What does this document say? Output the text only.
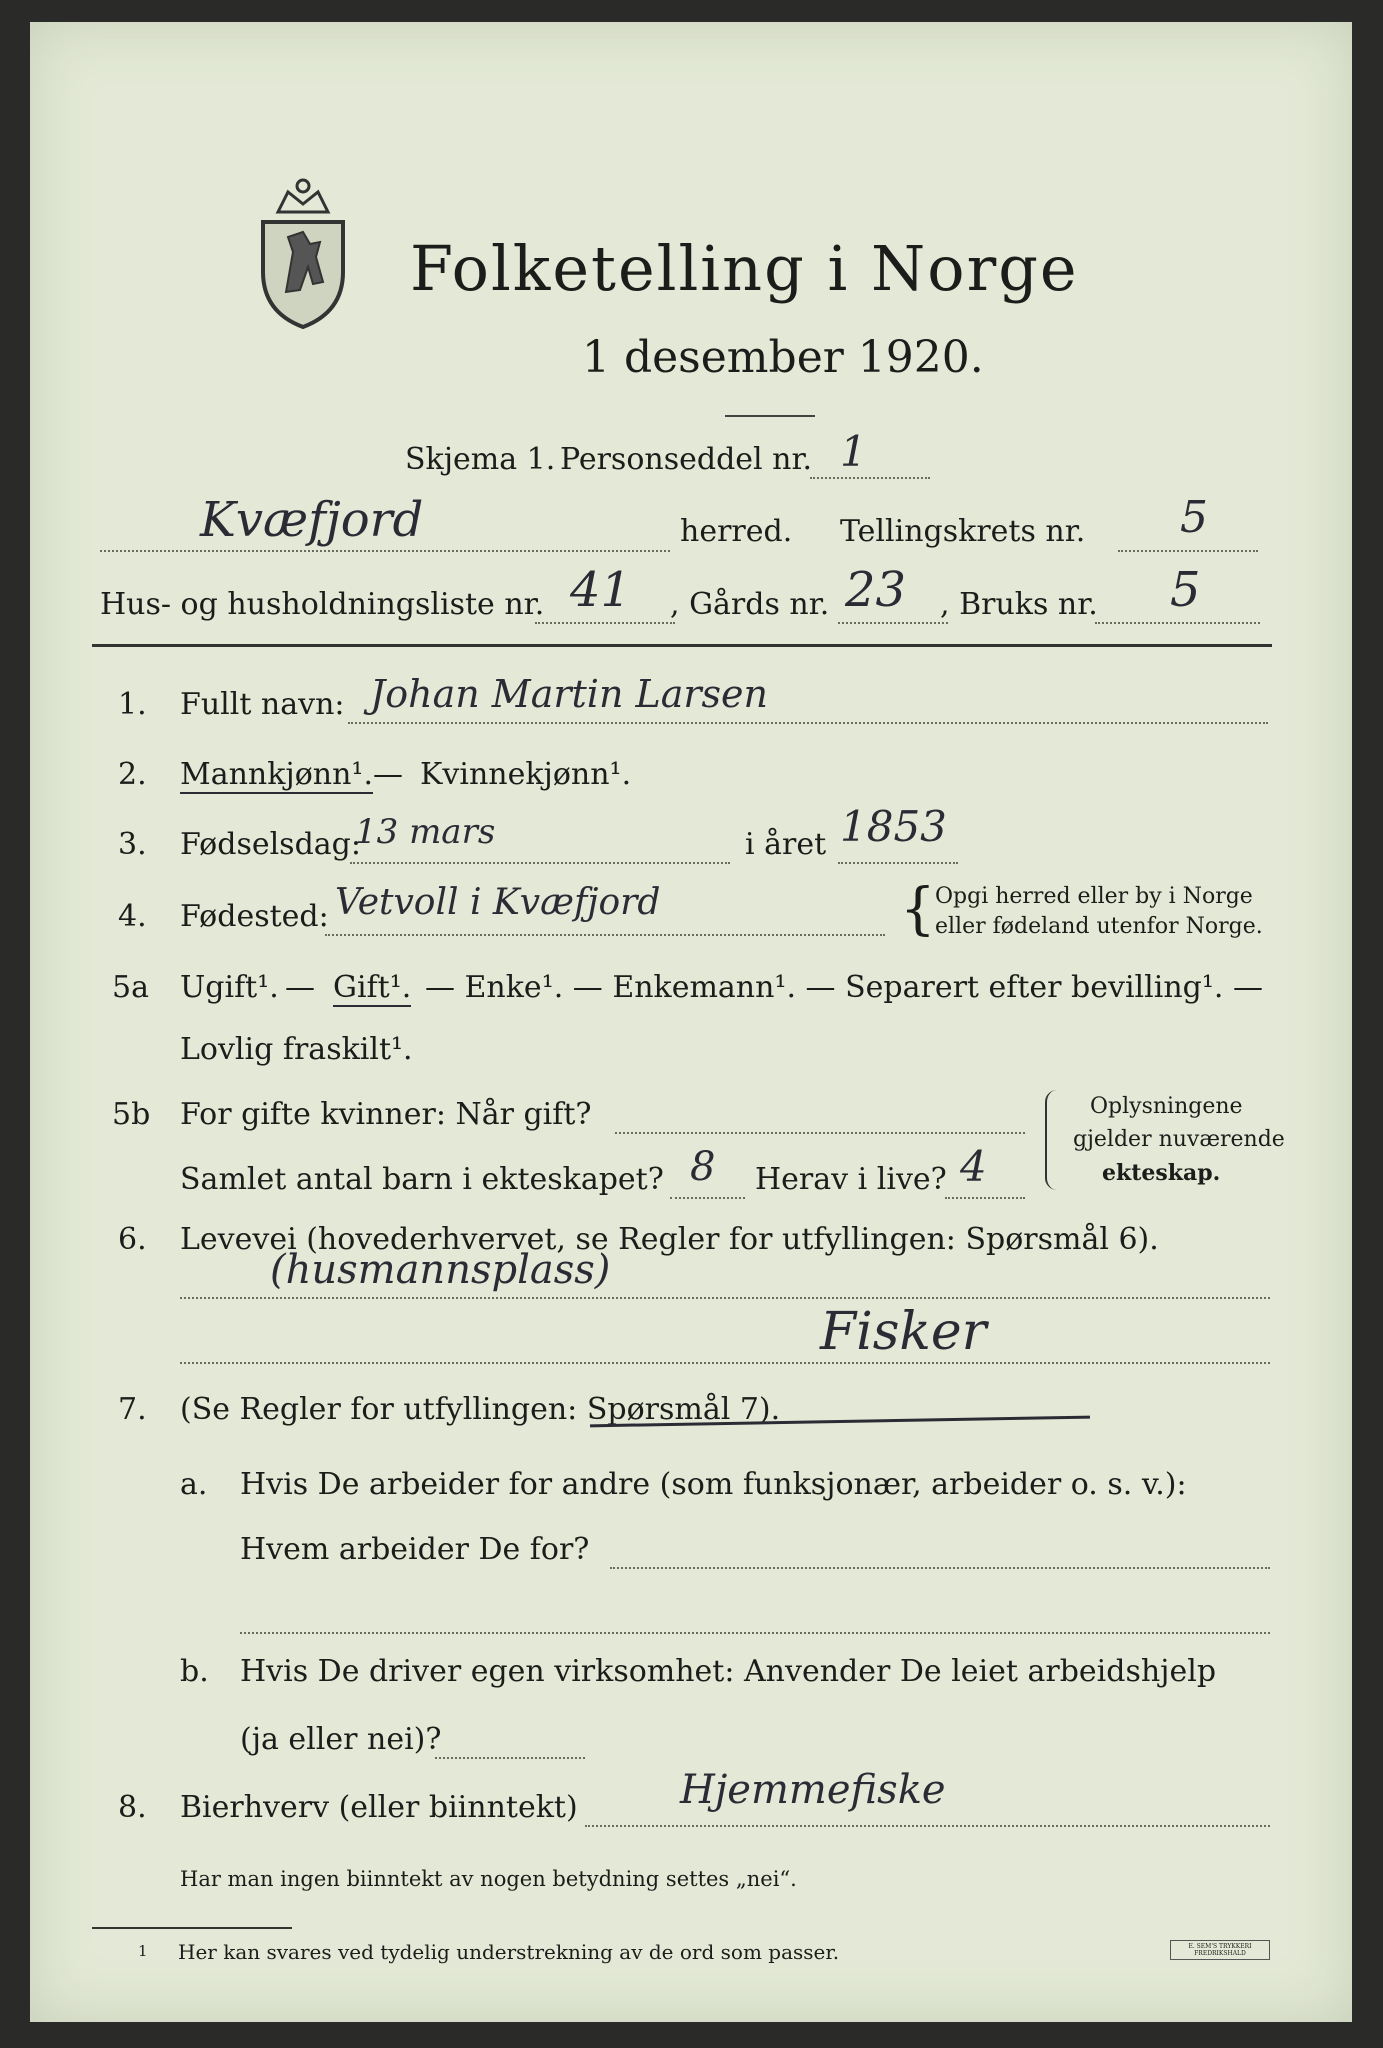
Folketelling i Norge
1 desember 1920.
Skjema 1. Personseddel nr. 1
Kvæfjord	herred. Tellingskrets nr. 5
Hus- og husholdningsliste nr. 41 , Gårds nr. 23 , Bruks nr. 5
1. Fullt navn: Johan Martin Larsen
2. Mannkjønn¹. — Kvinnekjønn¹.
3. Fødselsdag:
13 mars	i året 1853
4. Fødested: Vetvoll i Kvæfjord	{ Opgi herred eller by i Norge
eller fødeland utenfor Norge.
5a Ugift¹. — Gift¹. — Enke¹. — Enkemann¹. — Separert efter bevilling¹. —
Lovlig fraskilt¹.
5b For gifte kvinner: Når gift?
Samlet antal barn i ekteskapet? 8 Herav i live? 4
Oplysningene
gjelder nuværende
ekteskap.
6. Levevei (hovederhvervet, se Regler for utfyllingen: Spørsmål 6).
(husmannsplass)
Fisker
7. (Se Regler for utfyllingen: Spørsmål 7).
a. Hvis De arbeider for andre (som funksjonær, arbeider o. s. v.):
Hvem arbeider De for?
b. Hvis De driver egen virksomhet: Anvender De leiet arbeidshjelp
(ja eller nei)?
8. Bierhverv (eller biinntekt)	Hjemmefiske
Har man ingen biinntekt av nogen betydning settes „nei“.
1 Her kan svares ved tydelig understrekning av de ord som passer.	E. SEM'S TRYKKERI FREDRIKSHALD
